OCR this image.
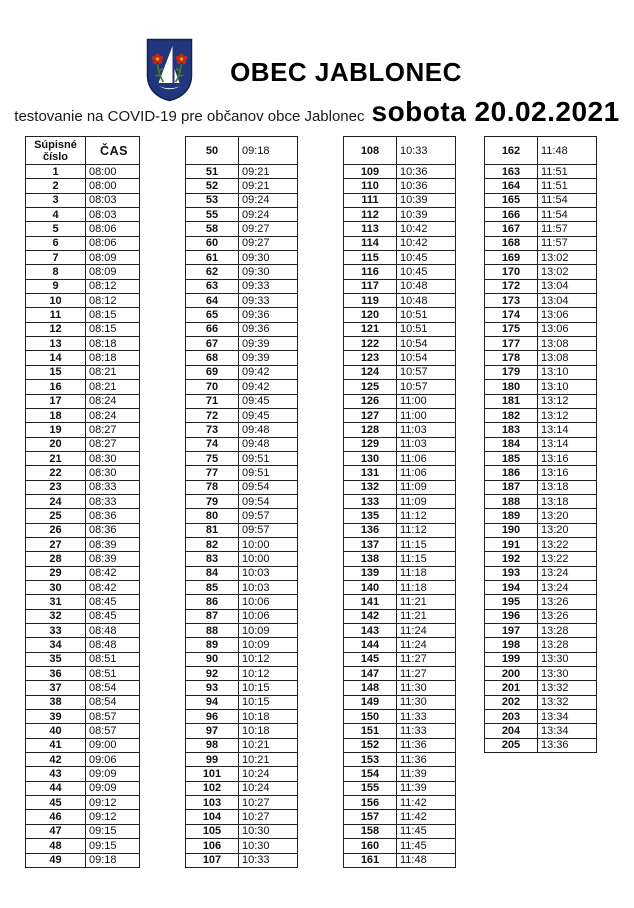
OBEC JABLONEC
testovanie na COVID-19 pre občanov obce Jablonec sobota 20.02.2021
Súpisné číslo	ČAS
1	08:00
2	08:00
3	08:03
4	08:03
5	08:06
6	08:06
7	08:09
8	08:09
9	08:12
10	08:12
11	08:15
12	08:15
13	08:18
14	08:18
15	08:21
16	08:21
17	08:24
18	08:24
19	08:27
20	08:27
21	08:30
22	08:30
23	08:33
24	08:33
25	08:36
26	08:36
27	08:39
28	08:39
29	08:42
30	08:42
31	08:45
32	08:45
33	08:48
34	08:48
35	08:51
36	08:51
37	08:54
38	08:54
39	08:57
40	08:57
41	09:00
42	09:06
43	09:09
44	09:09
45	09:12
46	09:12
47	09:15
48	09:15
49	09:18
50	09:18
51	09:21
52	09:21
53	09:24
55	09:24
58	09:27
60	09:27
61	09:30
62	09:30
63	09:33
64	09:33
65	09:36
66	09:36
67	09:39
68	09:39
69	09:42
70	09:42
71	09:45
72	09:45
73	09:48
74	09:48
75	09:51
77	09:51
78	09:54
79	09:54
80	09:57
81	09:57
82	10:00
83	10:00
84	10:03
85	10:03
86	10:06
87	10:06
88	10:09
89	10:09
90	10:12
92	10:12
93	10:15
94	10:15
96	10:18
97	10:18
98	10:21
99	10:21
101	10:24
102	10:24
103	10:27
104	10:27
105	10:30
106	10:30
107	10:33
108	10:33
109	10:36
110	10:36
111	10:39
112	10:39
113	10:42
114	10:42
115	10:45
116	10:45
117	10:48
119	10:48
120	10:51
121	10:51
122	10:54
123	10:54
124	10:57
125	10:57
126	11:00
127	11:00
128	11:03
129	11:03
130	11:06
131	11:06
132	11:09
133	11:09
135	11:12
136	11:12
137	11:15
138	11:15
139	11:18
140	11:18
141	11:21
142	11:21
143	11:24
144	11:24
145	11:27
147	11:27
148	11:30
149	11:30
150	11:33
151	11:33
152	11:36
153	11:36
154	11:39
155	11:39
156	11:42
157	11:42
158	11:45
160	11:45
161	11:48
162	11:48
163	11:51
164	11:51
165	11:54
166	11:54
167	11:57
168	11:57
169	13:02
170	13:02
172	13:04
173	13:04
174	13:06
175	13:06
177	13:08
178	13:08
179	13:10
180	13:10
181	13:12
182	13:12
183	13:14
184	13:14
185	13:16
186	13:16
187	13:18
188	13:18
189	13:20
190	13:20
191	13:22
192	13:22
193	13:24
194	13:24
195	13:26
196	13:26
197	13:28
198	13:28
199	13:30
200	13:30
201	13:32
202	13:32
203	13:34
204	13:34
205	13:36
